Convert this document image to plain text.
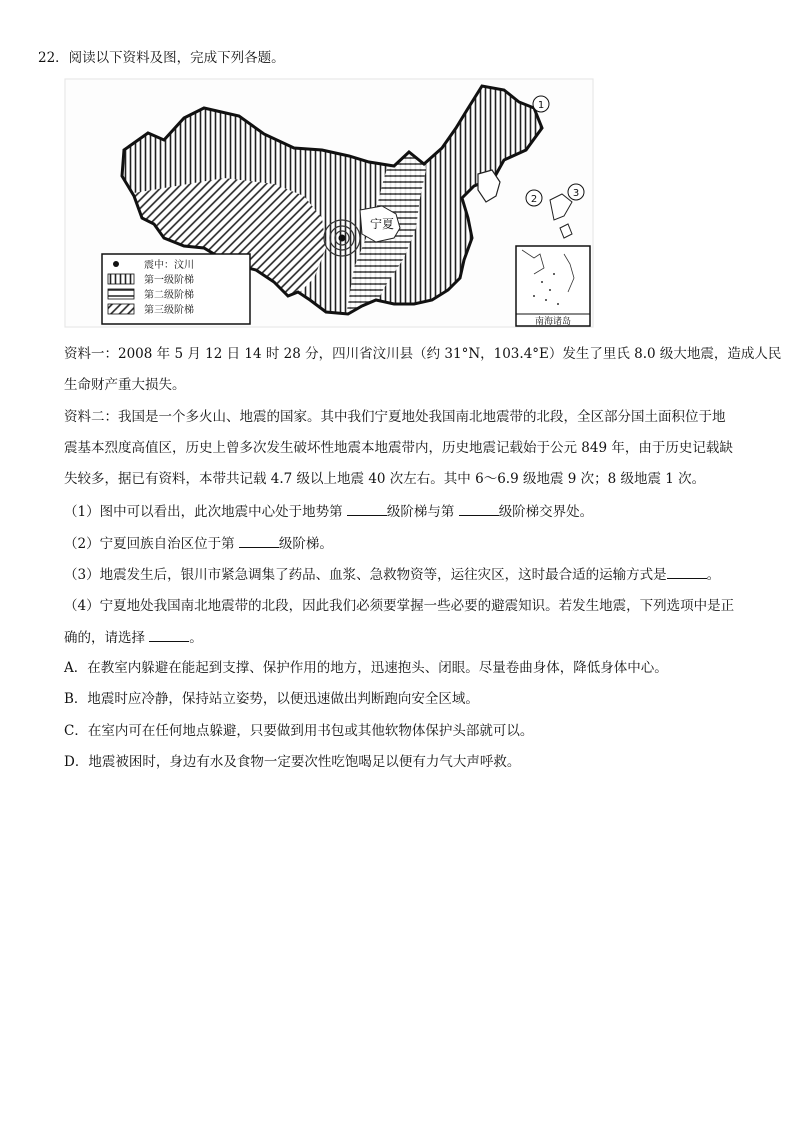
22．阅读以下资料及图，完成下列各题。
宁夏
1
2
3
震中：汶川
第一级阶梯
第二级阶梯
第三级阶梯
南海诸岛
资料一：2008 年 5 月 12 日 14 时 28 分，四川省汶川县（约 31°N，103.4°E）发生了里氏 8.0 级大地震，造成人民
生命财产重大损失。
资料二：我国是一个多火山、地震的国家。其中我们宁夏地处我国南北地震带的北段，全区部分国土面积位于地
震基本烈度高值区，历史上曾多次发生破坏性地震本地震带内，历史地震记载始于公元 849 年，由于历史记载缺
失较多，据已有资料，本带共记载 4.7 级以上地震 40 次左右。其中 6～6.9 级地震 9 次；8 级地震 1 次。
（1）图中可以看出，此次地震中心处于地势第	级阶梯与第	级阶梯交界处。
（2）宁夏回族自治区位于第	级阶梯。
（3）地震发生后，银川市紧急调集了药品、血浆、急救物资等，运往灾区，这时最合适的运输方式是	。
（4）宁夏地处我国南北地震带的北段，因此我们必须要掌握一些必要的避震知识。若发生地震，下列选项中是正
确的，请选择	。
A．在教室内躲避在能起到支撑、保护作用的地方，迅速抱头、闭眼。尽量卷曲身体，降低身体中心。
B．地震时应冷静，保持站立姿势，以便迅速做出判断跑向安全区域。
C．在室内可在任何地点躲避，只要做到用书包或其他软物体保护头部就可以。
D．地震被困时，身边有水及食物一定要次性吃饱喝足以便有力气大声呼救。
